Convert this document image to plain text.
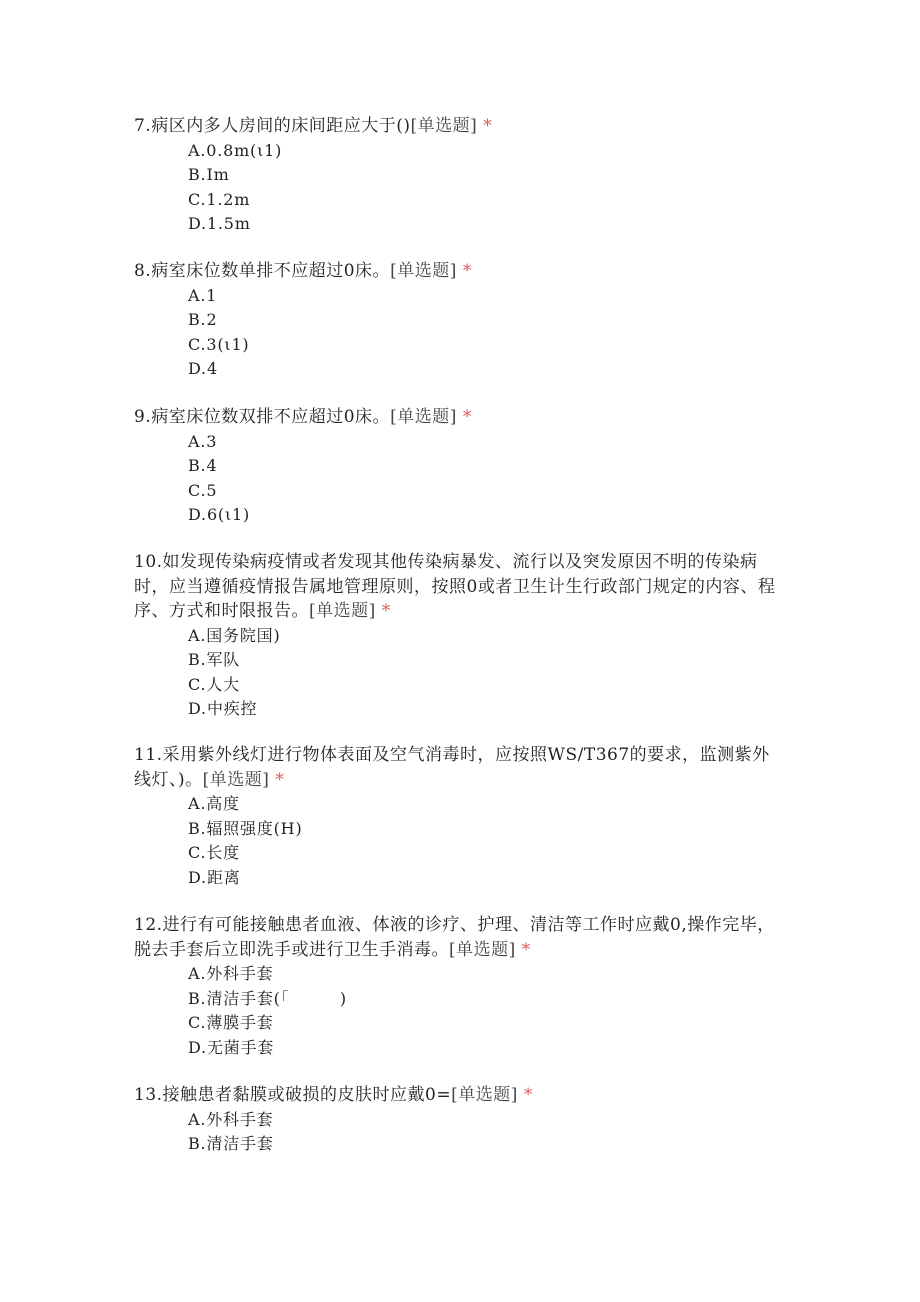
7.病区内多人房间的床间距应大于()[单选题] *
A.0.8m(ι1)
B.Im
C.1.2m
D.1.5m
8.病室床位数单排不应超过0床。[单选题] *
A.1
B.2
C.3(ι1)
D.4
9.病室床位数双排不应超过0床。[单选题] *
A.3
B.4
C.5
D.6(ι1)
10.如发现传染病疫情或者发现其他传染病暴发、流行以及突发原因不明的传染病时，应当遵循疫情报告属地管理原则，按照0或者卫生计生行政部门规定的内容、程序、方式和时限报告。[单选题] *
A.国务院国)
B.军队
C.人大
D.中疾控
11.采用紫外线灯进行物体表面及空气消毒时，应按照WS/T367的要求，监测紫外线灯、)。[单选题] *
A.高度
B.辐照强度(H)
C.长度
D.距离
12.进行有可能接触患者血液、体液的诊疗、护理、清洁等工作时应戴0,操作完毕，脱去手套后立即洗手或进行卫生手消毒。[单选题] *
A.外科手套
B.清洁手套(「　　　)
C.薄膜手套
D.无菌手套
13.接触患者黏膜或破损的皮肤时应戴0=[单选题] *
A.外科手套
B.清洁手套
